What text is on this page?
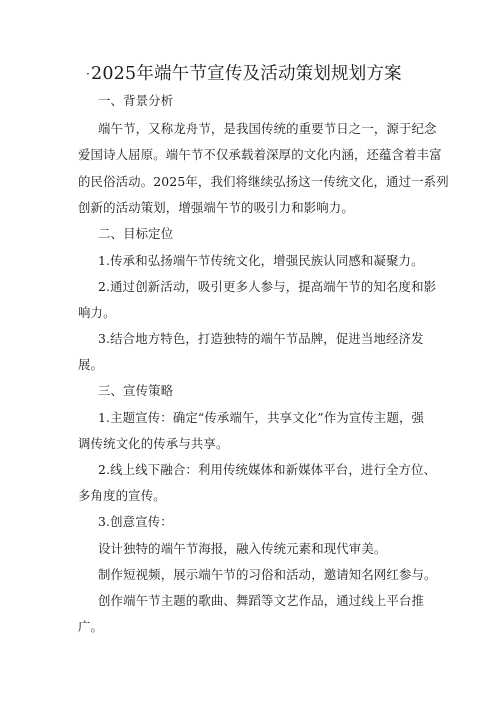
·2025年端午节宣传及活动策划规划方案
一、背景分析
端午节，又称龙舟节，是我国传统的重要节日之一，源于纪念
爱国诗人屈原。端午节不仅承载着深厚的文化内涵，还蕴含着丰富
的民俗活动。2025年，我们将继续弘扬这一传统文化，通过一系列
创新的活动策划，增强端午节的吸引力和影响力。
二、目标定位
1.传承和弘扬端午节传统文化，增强民族认同感和凝聚力。
2.通过创新活动，吸引更多人参与，提高端午节的知名度和影
响力。
3.结合地方特色，打造独特的端午节品牌，促进当地经济发
展。
三、宣传策略
1.主题宣传：确定“传承端午，共享文化”作为宣传主题，强
调传统文化的传承与共享。
2.线上线下融合：利用传统媒体和新媒体平台，进行全方位、
多角度的宣传。
3.创意宣传：
设计独特的端午节海报，融入传统元素和现代审美。
制作短视频，展示端午节的习俗和活动，邀请知名网红参与。
创作端午节主题的歌曲、舞蹈等文艺作品，通过线上平台推
广。
